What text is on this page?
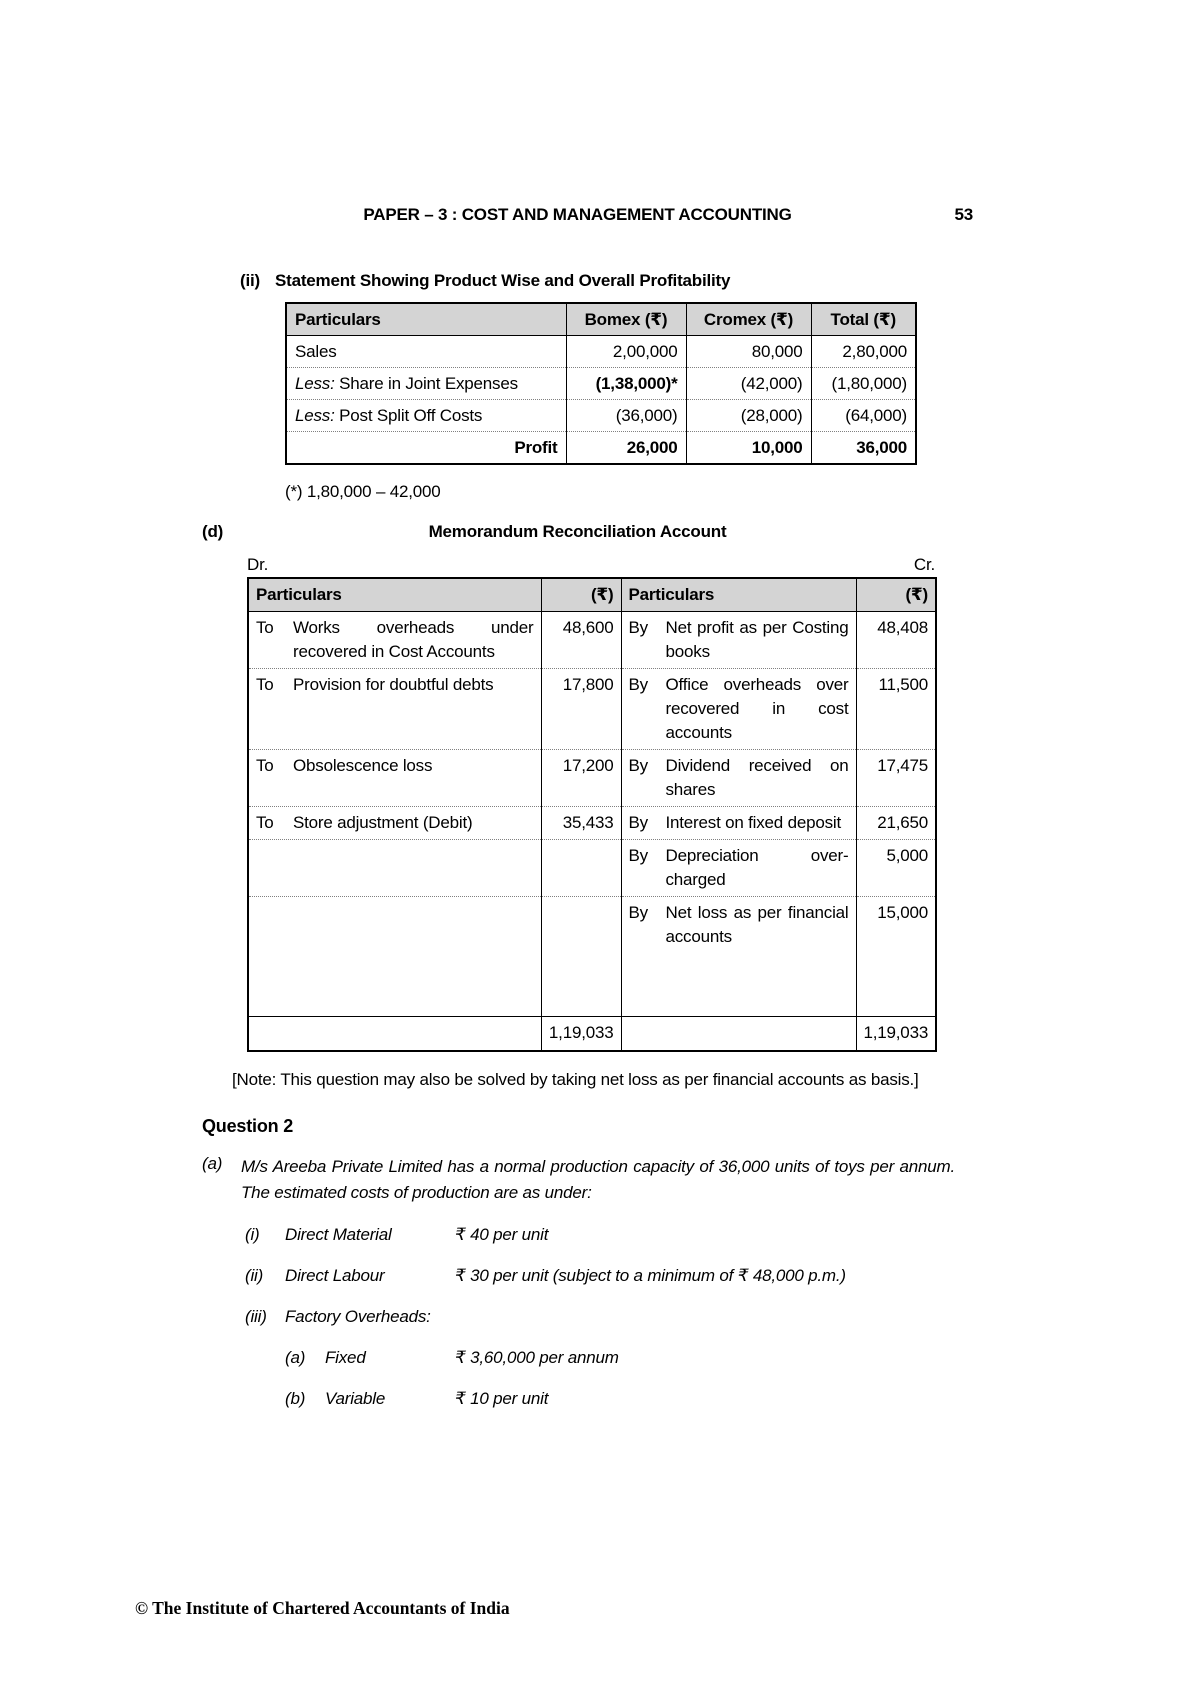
PAPER – 3 : COST AND MANAGEMENT ACCOUNTING	53
(ii) Statement Showing Product Wise and Overall Profitability
Particulars	Bomex (₹)	Cromex (₹)	Total (₹)
Sales	2,00,000	80,000	2,80,000
Less: Share in Joint Expenses	(1,38,000)*	(42,000)	(1,80,000)
Less: Post Split Off Costs	(36,000)	(28,000)	(64,000)
Profit	26,000	10,000	36,000
(*) 1,80,000 – 42,000
(d)	Memorandum Reconciliation Account
Dr.	Cr.
Particulars	(₹)	Particulars	(₹)

To Works overheads under recovered in Cost Accounts	48,600	By Net profit as per Costing books	48,408

To Provision for doubtful debts	17,800	By Office overheads over recovered in cost accounts	11,500

To Obsolescence loss	17,200	By Dividend received on shares	17,475

To Store adjustment (Debit)	35,433	By Interest on fixed deposit	21,650

		By Depreciation over-charged	5,000

		By Net loss as per financial accounts	15,000
	1,19,033		1,19,033
[Note: This question may also be solved by taking net loss as per financial accounts as basis.]
Question 2
(a)	M/s Areeba Private Limited has a normal production capacity of 36,000 units of toys per annum. The estimated costs of production are as under:
(i)	Direct Material	₹ 40 per unit
(ii)	Direct Labour	₹ 30 per unit (subject to a minimum of ₹ 48,000 p.m.)
(iii)	Factory Overheads:
(a)	Fixed	₹ 3,60,000 per annum
(b)	Variable	₹ 10 per unit
© The Institute of Chartered Accountants of India
